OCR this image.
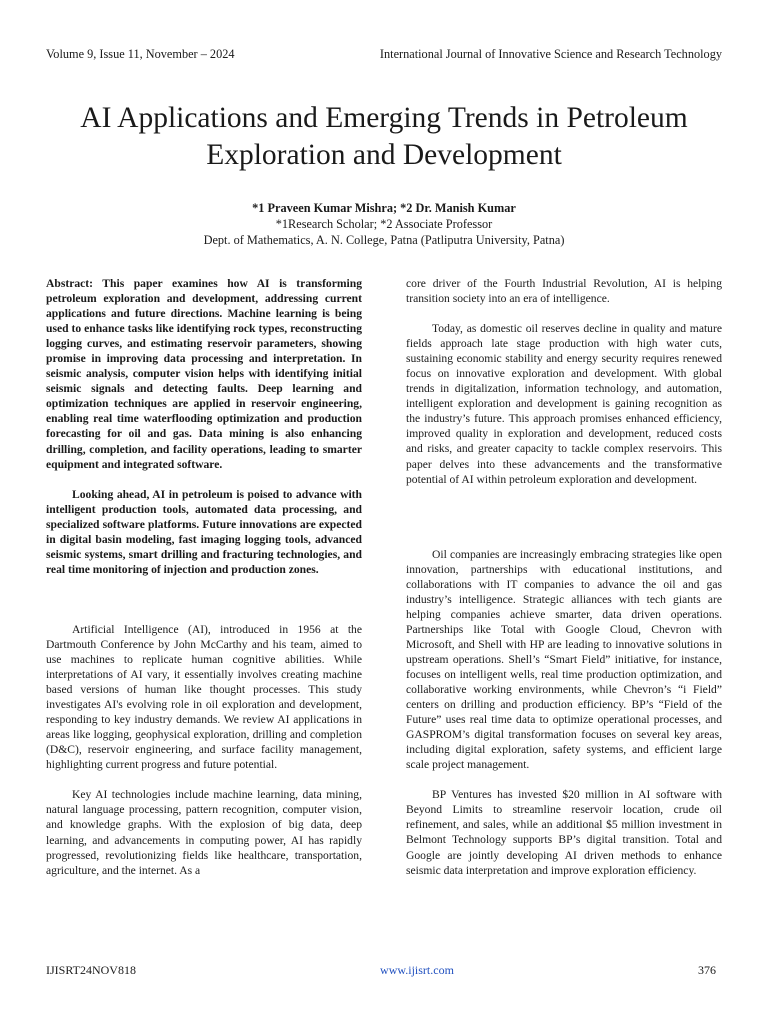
Volume 9, Issue 11, November – 2024	International Journal of Innovative Science and Research Technology
AI Applications and Emerging Trends in Petroleum
Exploration and Development
*1 Praveen Kumar Mishra; *2 Dr. Manish Kumar
*1Research Scholar; *2 Associate Professor
Dept. of Mathematics, A. N. College, Patna (Patliputra University, Patna)

Abstract: This paper examines how AI is transforming petroleum exploration and development, addressing current applications and future directions. Machine learning is being used to enhance tasks like identifying rock types, reconstructing logging curves, and estimating reservoir parameters, showing promise in improving data processing and interpretation. In seismic analysis, computer vision helps with identifying initial seismic signals and detecting faults. Deep learning and optimization techniques are applied in reservoir engineering, enabling real time waterflooding optimization and production forecasting for oil and gas. Data mining is also enhancing drilling, completion, and facility operations, leading to smarter equipment and integrated software.

Looking ahead, AI in petroleum is poised to advance with intelligent production tools, automated data processing, and specialized software platforms. Future innovations are expected in digital basin modeling, fast imaging logging tools, advanced seismic systems, smart drilling and fracturing technologies, and real time monitoring of injection and production zones.

Artificial Intelligence (AI), introduced in 1956 at the Dartmouth Conference by John McCarthy and his team, aimed to use machines to replicate human cognitive abilities. While interpretations of AI vary, it essentially involves creating machine based versions of human like thought processes. This study investigates AI's evolving role in oil exploration and development, responding to key industry demands. We review AI applications in areas like logging, geophysical exploration, drilling and completion (D&C), reservoir engineering, and surface facility management, highlighting current progress and future potential.

Key AI technologies include machine learning, data mining, natural language processing, pattern recognition, computer vision, and knowledge graphs. With the explosion of big data, deep learning, and advancements in computing power, AI has rapidly progressed, revolutionizing fields like healthcare, transportation, agriculture, and the internet. As a

core driver of the Fourth Industrial Revolution, AI is helping transition society into an era of intelligence.

Today, as domestic oil reserves decline in quality and mature fields approach late stage production with high water cuts, sustaining economic stability and energy security requires renewed focus on innovative exploration and development. With global trends in digitalization, information technology, and automation, intelligent exploration and development is gaining recognition as the industry’s future. This approach promises enhanced efficiency, improved quality in exploration and development, reduced costs and risks, and greater capacity to tackle complex reservoirs. This paper delves into these advancements and the transformative potential of AI within petroleum exploration and development.

Oil companies are increasingly embracing strategies like open innovation, partnerships with educational institutions, and collaborations with IT companies to advance the oil and gas industry’s intelligence. Strategic alliances with tech giants are helping companies achieve smarter, data driven operations. Partnerships like Total with Google Cloud, Chevron with Microsoft, and Shell with HP are leading to innovative solutions in upstream operations. Shell’s “Smart Field” initiative, for instance, focuses on intelligent wells, real time production optimization, and collaborative working environments, while Chevron’s “i Field” centers on drilling and production efficiency. BP’s “Field of the Future” uses real time data to optimize operational processes, and GASPROM’s digital transformation focuses on several key areas, including digital exploration, safety systems, and efficient large scale project management.

BP Ventures has invested $20 million in AI software with Beyond Limits to streamline reservoir location, crude oil refinement, and sales, while an additional $5 million investment in Belmont Technology supports BP’s digital transition. Total and Google are jointly developing AI driven methods to enhance seismic data interpretation and improve exploration efficiency.

IJISRT24NOV818	www.ijisrt.com	376
